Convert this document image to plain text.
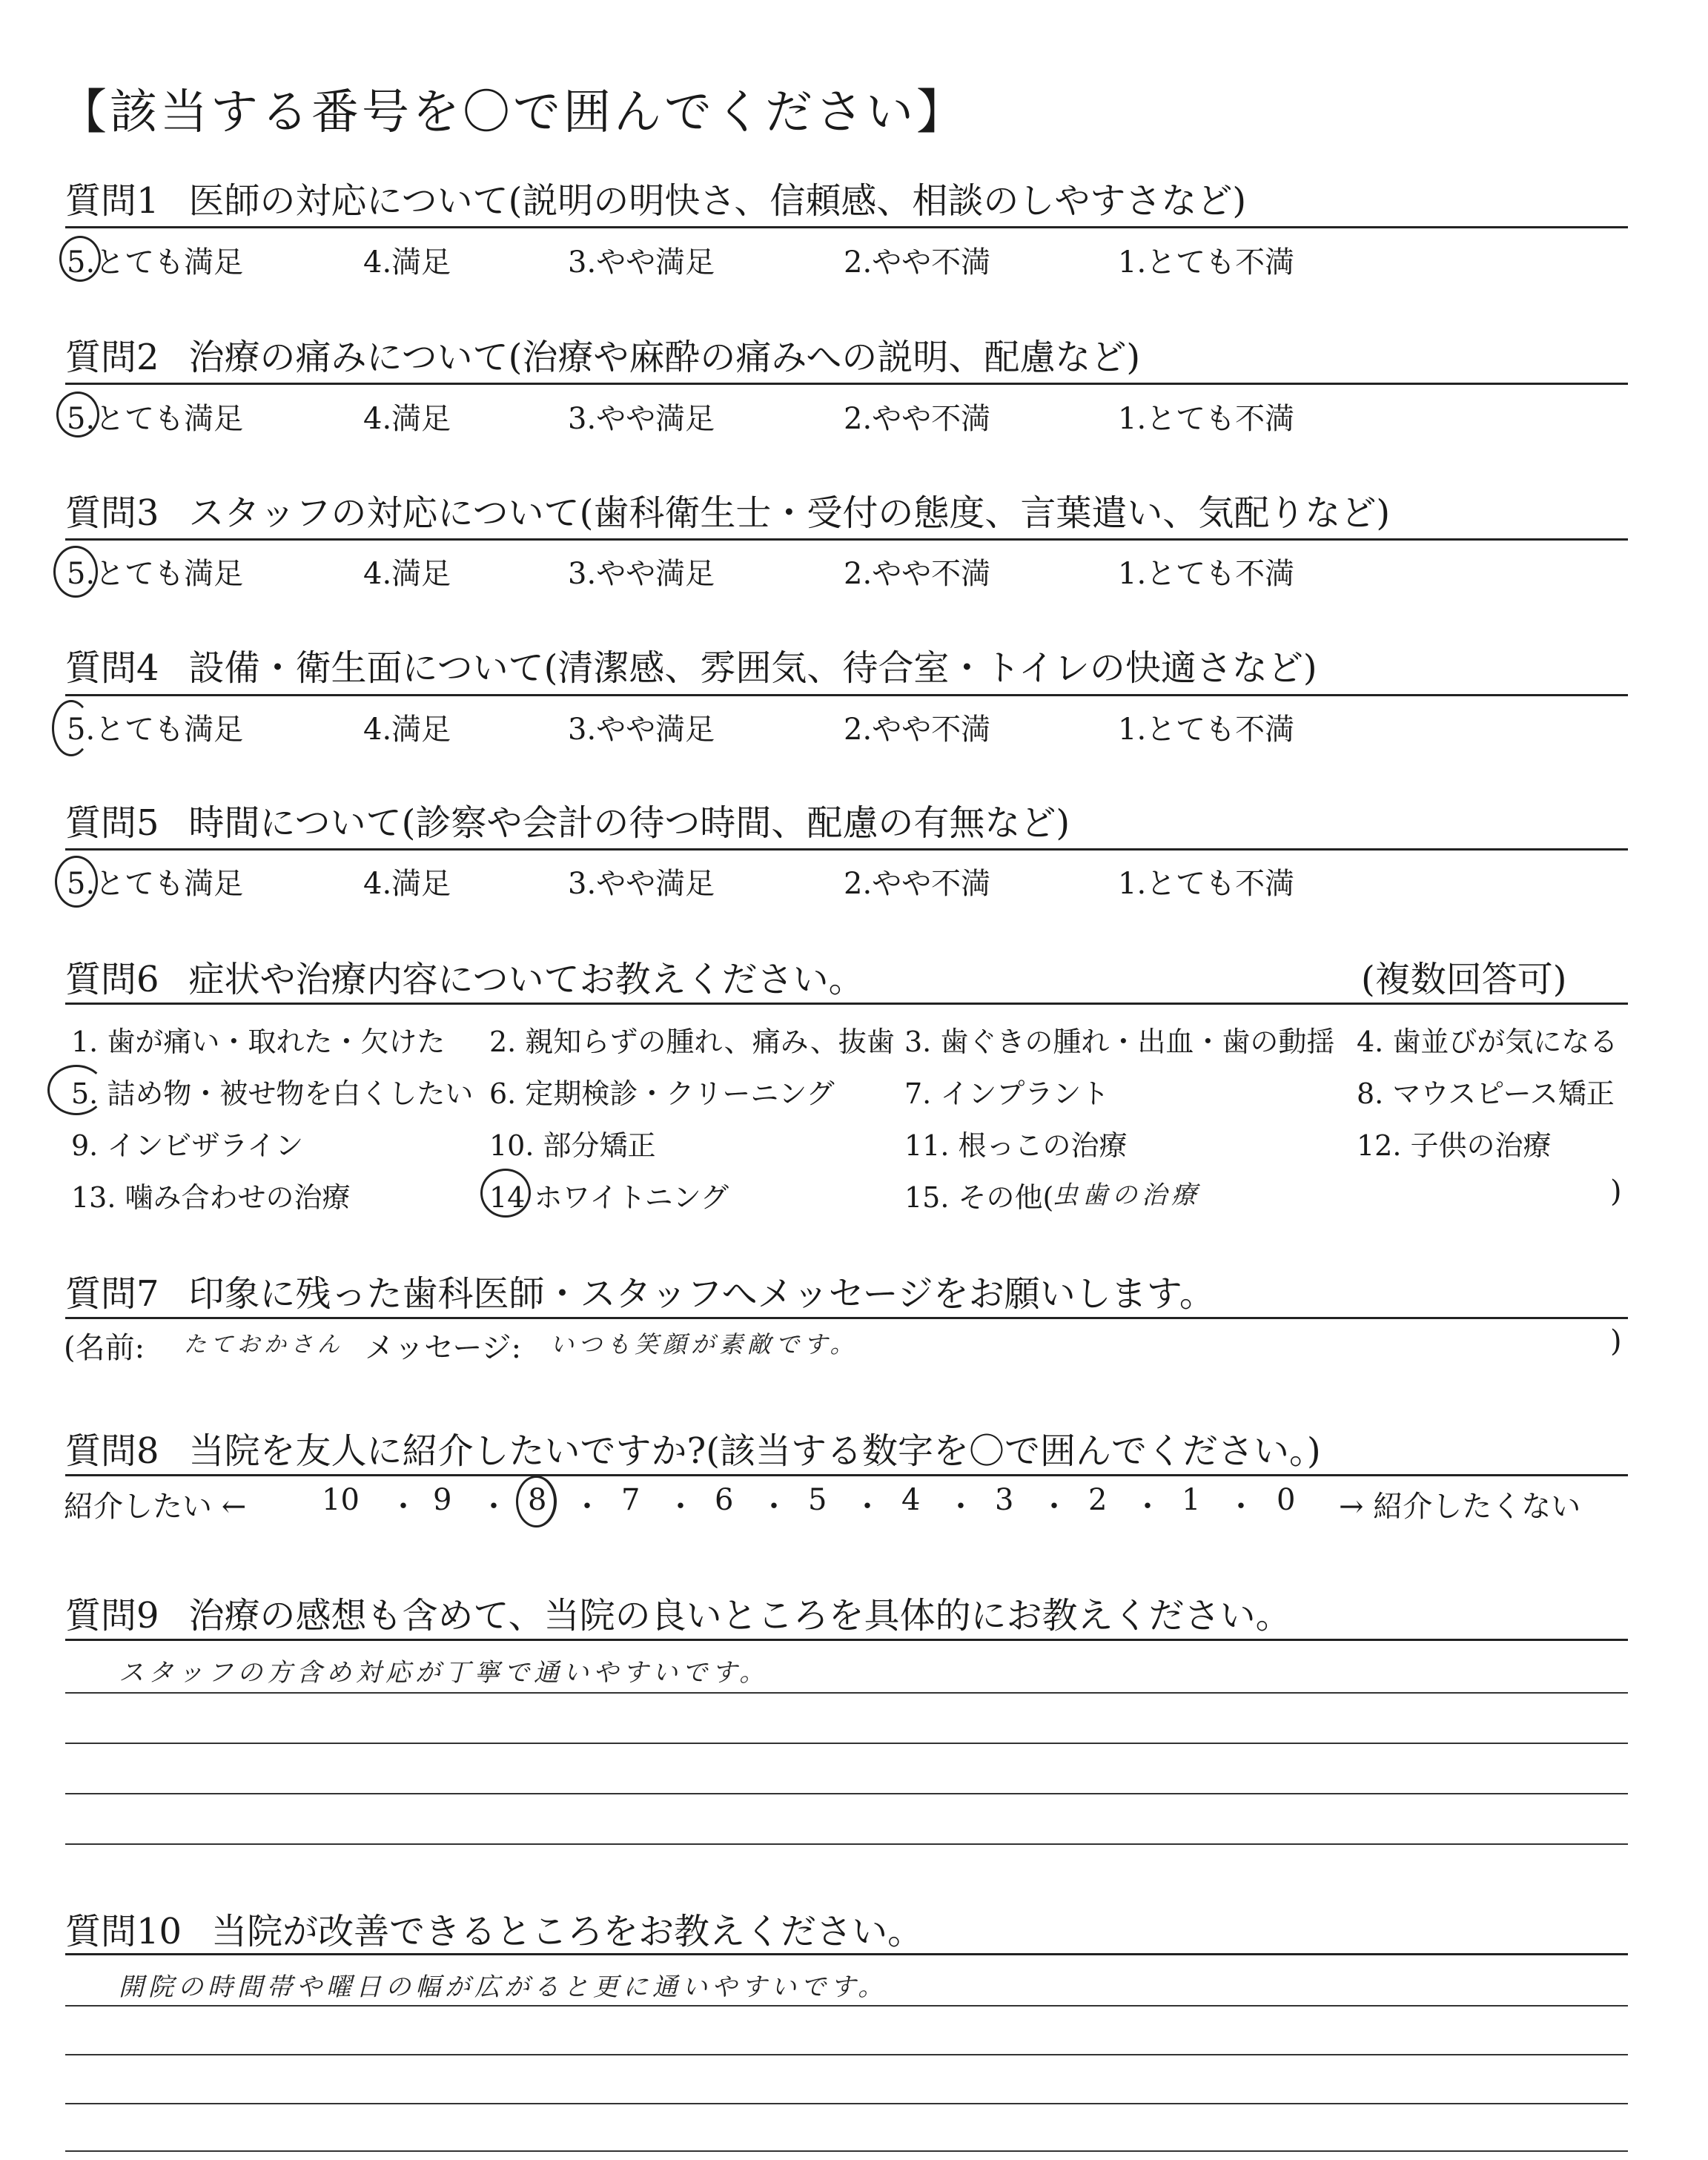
【該当する番号を〇で囲んでください】
質問1 医師の対応について(説明の明快さ、信頼感、相談のしやすさなど)
5.とても満足	4.満足	3.やや満足	2.やや不満	1.とても不満
質問2 治療の痛みについて(治療や麻酔の痛みへの説明、配慮など)
5.とても満足	4.満足	3.やや満足	2.やや不満	1.とても不満
質問3 スタッフの対応について(歯科衛生士・受付の態度、言葉遣い、気配りなど)
5.とても満足	4.満足	3.やや満足	2.やや不満	1.とても不満
質問4 設備・衛生面について(清潔感、雰囲気、待合室・トイレの快適さなど)
5.とても満足	4.満足	3.やや満足	2.やや不満	1.とても不満
質問5 時間について(診察や会計の待つ時間、配慮の有無など)
5.とても満足	4.満足	3.やや満足	2.やや不満	1.とても不満
質問6 症状や治療内容についてお教えください。	(複数回答可)
1. 歯が痛い・取れた・欠けた 2. 親知らずの腫れ、痛み、抜歯 3. 歯ぐきの腫れ・出血・歯の動揺 4. 歯並びが気になる
5. 詰め物・被せ物を白くしたい 6. 定期検診・クリーニング 7. インプラント	8. マウスピース矯正
9. インビザライン	10. 部分矯正	11. 根っこの治療	12. 子供の治療
13. 噛み合わせの治療	14 ホワイトニング	15. その他(
虫歯の治療	)
質問7 印象に残った歯科医師・スタッフへメッセージをお願いします。
(名前: たておかさん メッセージ: いつも笑顔が素敵です。	)
質問8 当院を友人に紹介したいですか?(該当する数字を〇で囲んでください。)
紹介したい ←	→ 紹介したくない
10 ・ 9 ・ 8 ・ 7 ・ 6 ・ 5 ・ 4 ・ 3 ・ 2 ・ 1 ・ 0
質問9 治療の感想も含めて、当院の良いところを具体的にお教えください。
スタッフの方含め対応が丁寧で通いやすいです。
質問10 当院が改善できるところをお教えください。
開院の時間帯や曜日の幅が広がると更に通いやすいです。
